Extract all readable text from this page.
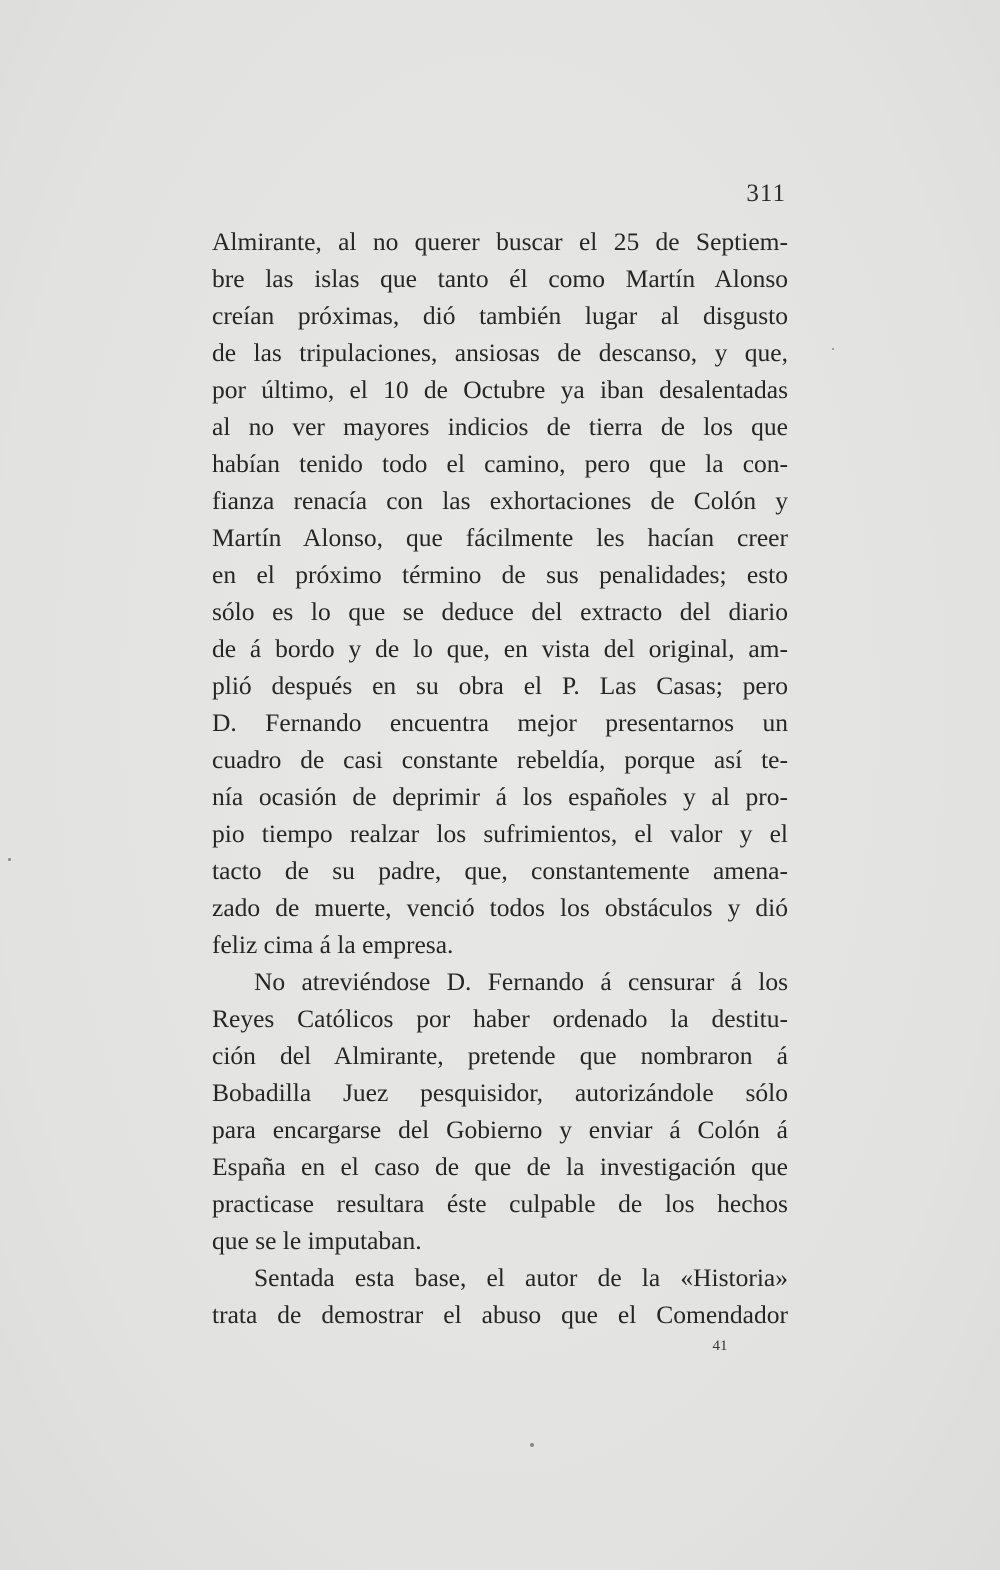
311
Almirante, al no querer buscar el 25 de Septiem-
bre las islas que tanto él como Martín Alonso
creían próximas, dió también lugar al disgusto
de las tripulaciones, ansiosas de descanso, y que,
por último, el 10 de Octubre ya iban desalentadas
al no ver mayores indicios de tierra de los que
habían tenido todo el camino, pero que la con-
fianza renacía con las exhortaciones de Colón y
Martín Alonso, que fácilmente les hacían creer
en el próximo término de sus penalidades; esto
sólo es lo que se deduce del extracto del diario
de á bordo y de lo que, en vista del original, am-
plió después en su obra el P. Las Casas; pero
D. Fernando encuentra mejor presentarnos un
cuadro de casi constante rebeldía, porque así te-
nía ocasión de deprimir á los españoles y al pro-
pio tiempo realzar los sufrimientos, el valor y el
tacto de su padre, que, constantemente amena-
zado de muerte, venció todos los obstáculos y dió
feliz cima á la empresa.
No atreviéndose D. Fernando á censurar á los
Reyes Católicos por haber ordenado la destitu-
ción del Almirante, pretende que nombraron á
Bobadilla Juez pesquisidor, autorizándole sólo
para encargarse del Gobierno y enviar á Colón á
España en el caso de que de la investigación que
practicase resultara éste culpable de los hechos
que se le imputaban.
Sentada esta base, el autor de la «Historia»
trata de demostrar el abuso que el Comendador
41
